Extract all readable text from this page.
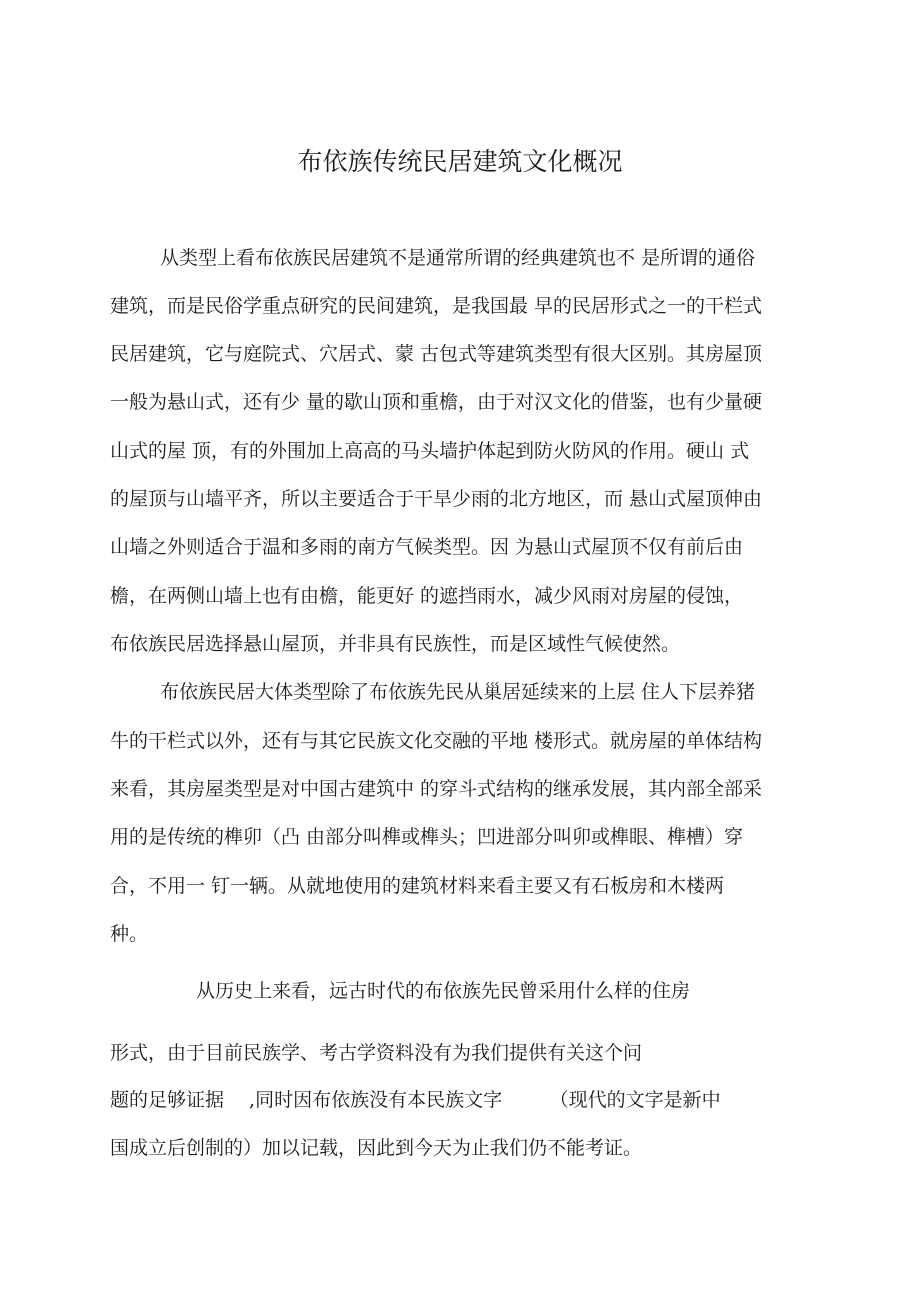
布依族传统民居建筑文化概况
从类型上看布依族民居建筑不是通常所谓的经典建筑也不 是所谓的通俗
建筑，而是民俗学重点研究的民间建筑，是我国最 早的民居形式之一的干栏式
民居建筑，它与庭院式、穴居式、蒙 古包式等建筑类型有很大区别。其房屋顶
一般为悬山式，还有少 量的歇山顶和重檐，由于对汉文化的借鉴，也有少量硬
山式的屋 顶，有的外围加上高高的马头墙护体起到防火防风的作用。硬山 式
的屋顶与山墙平齐，所以主要适合于干旱少雨的北方地区，而 悬山式屋顶伸由
山墙之外则适合于温和多雨的南方气候类型。因 为悬山式屋顶不仅有前后由
檐，在两侧山墙上也有由檐，能更好 的遮挡雨水，减少风雨对房屋的侵蚀，
布依族民居选择悬山屋顶，并非具有民族性，而是区域性气候使然。
布依族民居大体类型除了布依族先民从巢居延续来的上层 住人下层养猪
牛的干栏式以外，还有与其它民族文化交融的平地 楼形式。就房屋的单体结构
来看，其房屋类型是对中国古建筑中 的穿斗式结构的继承发展，其内部全部采
用的是传统的榫卯（凸 由部分叫榫或榫头；凹进部分叫卯或榫眼、榫槽）穿
合，不用一 钉一辆。从就地使用的建筑材料来看主要又有石板房和木楼两
种。
从历史上来看，远古时代的布依族先民曾采用什么样的住房
形式，由于目前民族学、考古学资料没有为我们提供有关这个问
题的足够证据 　,同时因布依族没有本民族文字　　　（现代的文字是新中
国成立后创制的）加以记载，因此到今天为止我们仍不能考证。
